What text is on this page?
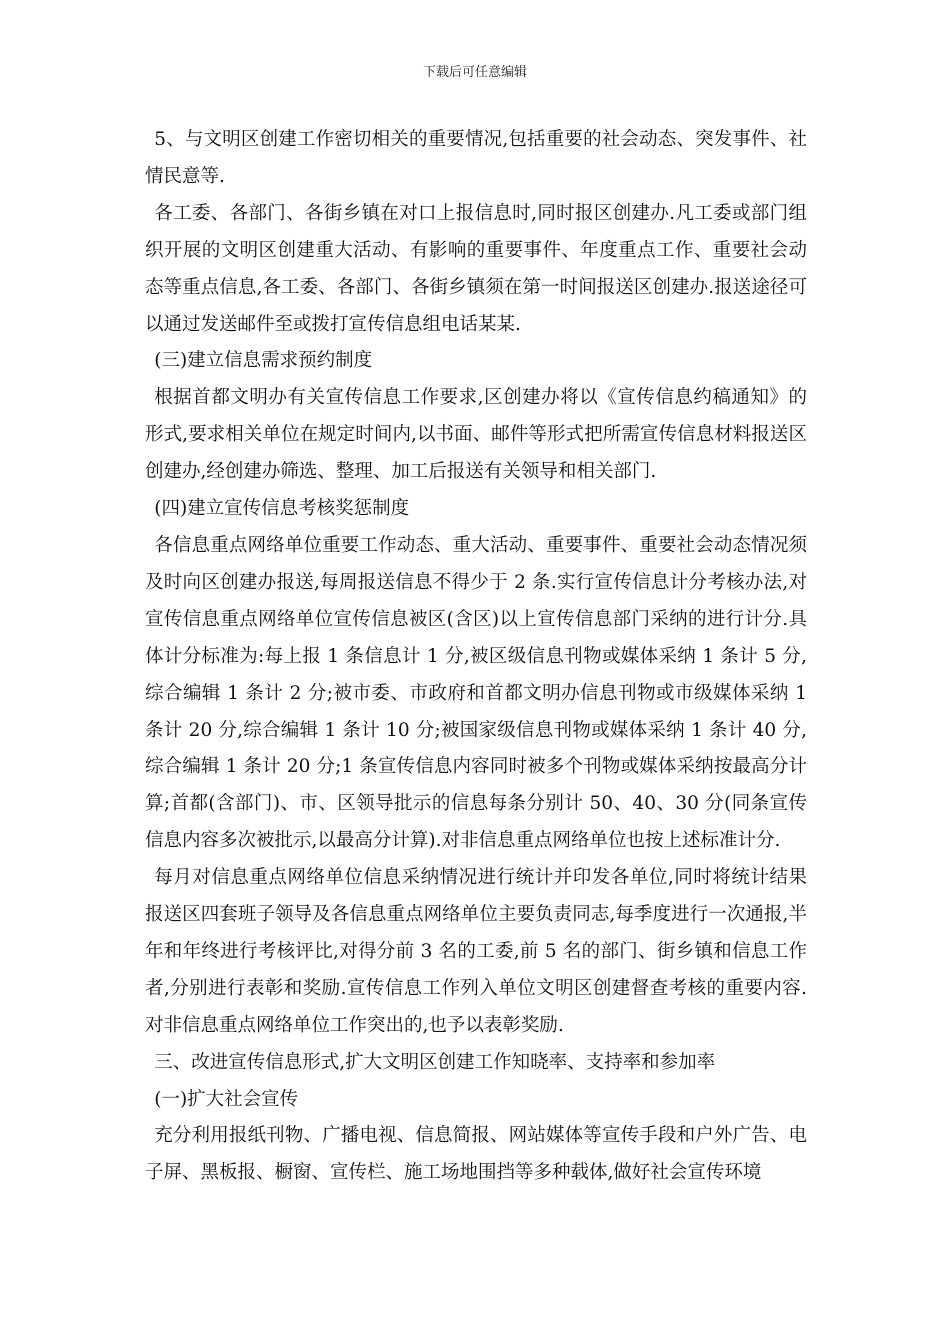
下载后可任意编辑

5、与文明区创建工作密切相关的重要情况,包括重要的社会动态、突发事件、社情民意等.

各工委、各部门、各街乡镇在对口上报信息时,同时报区创建办.凡工委或部门组织开展的文明区创建重大活动、有影响的重要事件、年度重点工作、重要社会动态等重点信息,各工委、各部门、各街乡镇须在第一时间报送区创建办.报送途径可以通过发送邮件至或拨打宣传信息组电话某某.

(三)建立信息需求预约制度

根据首都文明办有关宣传信息工作要求,区创建办将以《宣传信息约稿通知》的形式,要求相关单位在规定时间内,以书面、邮件等形式把所需宣传信息材料报送区创建办,经创建办筛选、整理、加工后报送有关领导和相关部门.

(四)建立宣传信息考核奖惩制度

各信息重点网络单位重要工作动态、重大活动、重要事件、重要社会动态情况须及时向区创建办报送,每周报送信息不得少于 2 条.实行宣传信息计分考核办法,对宣传信息重点网络单位宣传信息被区(含区)以上宣传信息部门采纳的进行计分.具体计分标准为:每上报 1 条信息计 1 分,被区级信息刊物或媒体采纳 1 条计 5 分,综合编辑 1 条计 2 分;被市委、市政府和首都文明办信息刊物或市级媒体采纳 1 条计 20 分,综合编辑 1 条计 10 分;被国家级信息刊物或媒体采纳 1 条计 40 分,综合编辑 1 条计 20 分;1 条宣传信息内容同时被多个刊物或媒体采纳按最高分计算;首都(含部门)、市、区领导批示的信息每条分别计 50、40、30 分(同条宣传信息内容多次被批示,以最高分计算).对非信息重点网络单位也按上述标准计分.

每月对信息重点网络单位信息采纳情况进行统计并印发各单位,同时将统计结果报送区四套班子领导及各信息重点网络单位主要负责同志,每季度进行一次通报,半年和年终进行考核评比,对得分前 3 名的工委,前 5 名的部门、街乡镇和信息工作者,分别进行表彰和奖励.宣传信息工作列入单位文明区创建督查考核的重要内容.对非信息重点网络单位工作突出的,也予以表彰奖励.

三、改进宣传信息形式,扩大文明区创建工作知晓率、支持率和参加率

(一)扩大社会宣传

充分利用报纸刊物、广播电视、信息简报、网站媒体等宣传手段和户外广告、电子屏、黑板报、橱窗、宣传栏、施工场地围挡等多种载体,做好社会宣传环境
